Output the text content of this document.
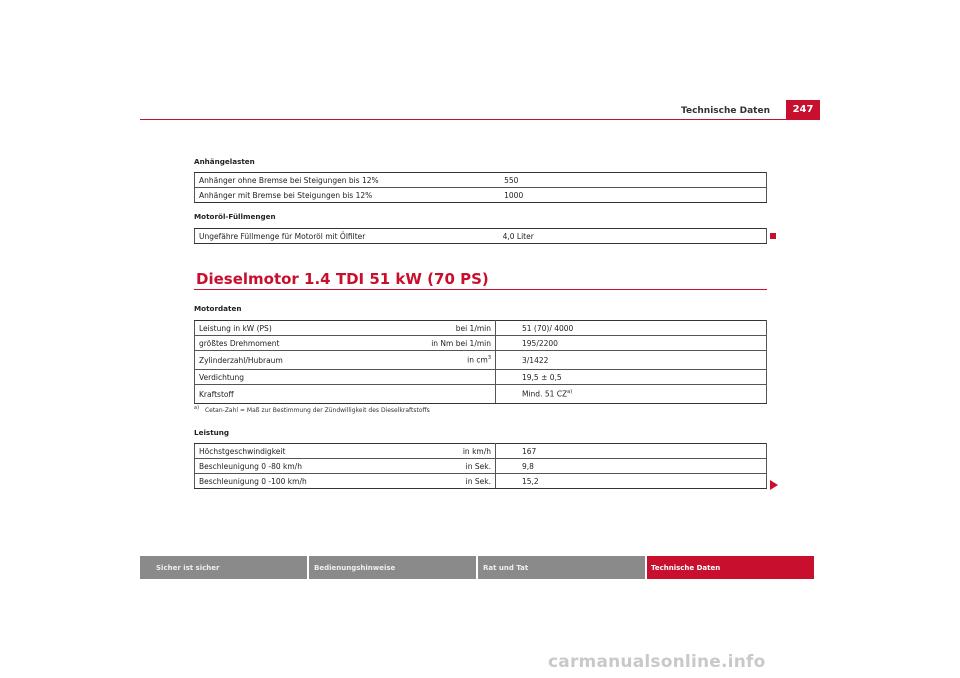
Technische Daten	247
Anhängelasten
Anhänger ohne Bremse bei Steigungen bis 12%	550
Anhänger mit Bremse bei Steigungen bis 12%	1000
Motoröl-Füllmengen
Ungefähre Füllmenge für Motoröl mit Ölfilter	4,0 Liter
Dieselmotor 1.4 TDI 51 kW (70 PS)
Motordaten
Leistung in kW (PS)	bei 1/min	51 (70)/ 4000
größtes Drehmoment	in Nm bei 1/min	195/2200
Zylinderzahl/Hubraum	in $cm^3$	3/1422
Verdichtung		19,5 ± 0,5
Kraftstoff		Mind. 51 CZ$^{a)}$
$^{a)}$ Cetan-Zahl = Maß zur Bestimmung der Zündwilligkeit des Dieselkraftstoffs
Leistung
Höchstgeschwindigkeit	in km/h	167
Beschleunigung 0 -80 km/h	in Sek.	9,8
Beschleunigung 0 -100 km/h	in Sek.	15,2
Sicher ist sicher	Bedienungshinweise	Rat und Tat	Technische Daten
carmanualsonline.info
